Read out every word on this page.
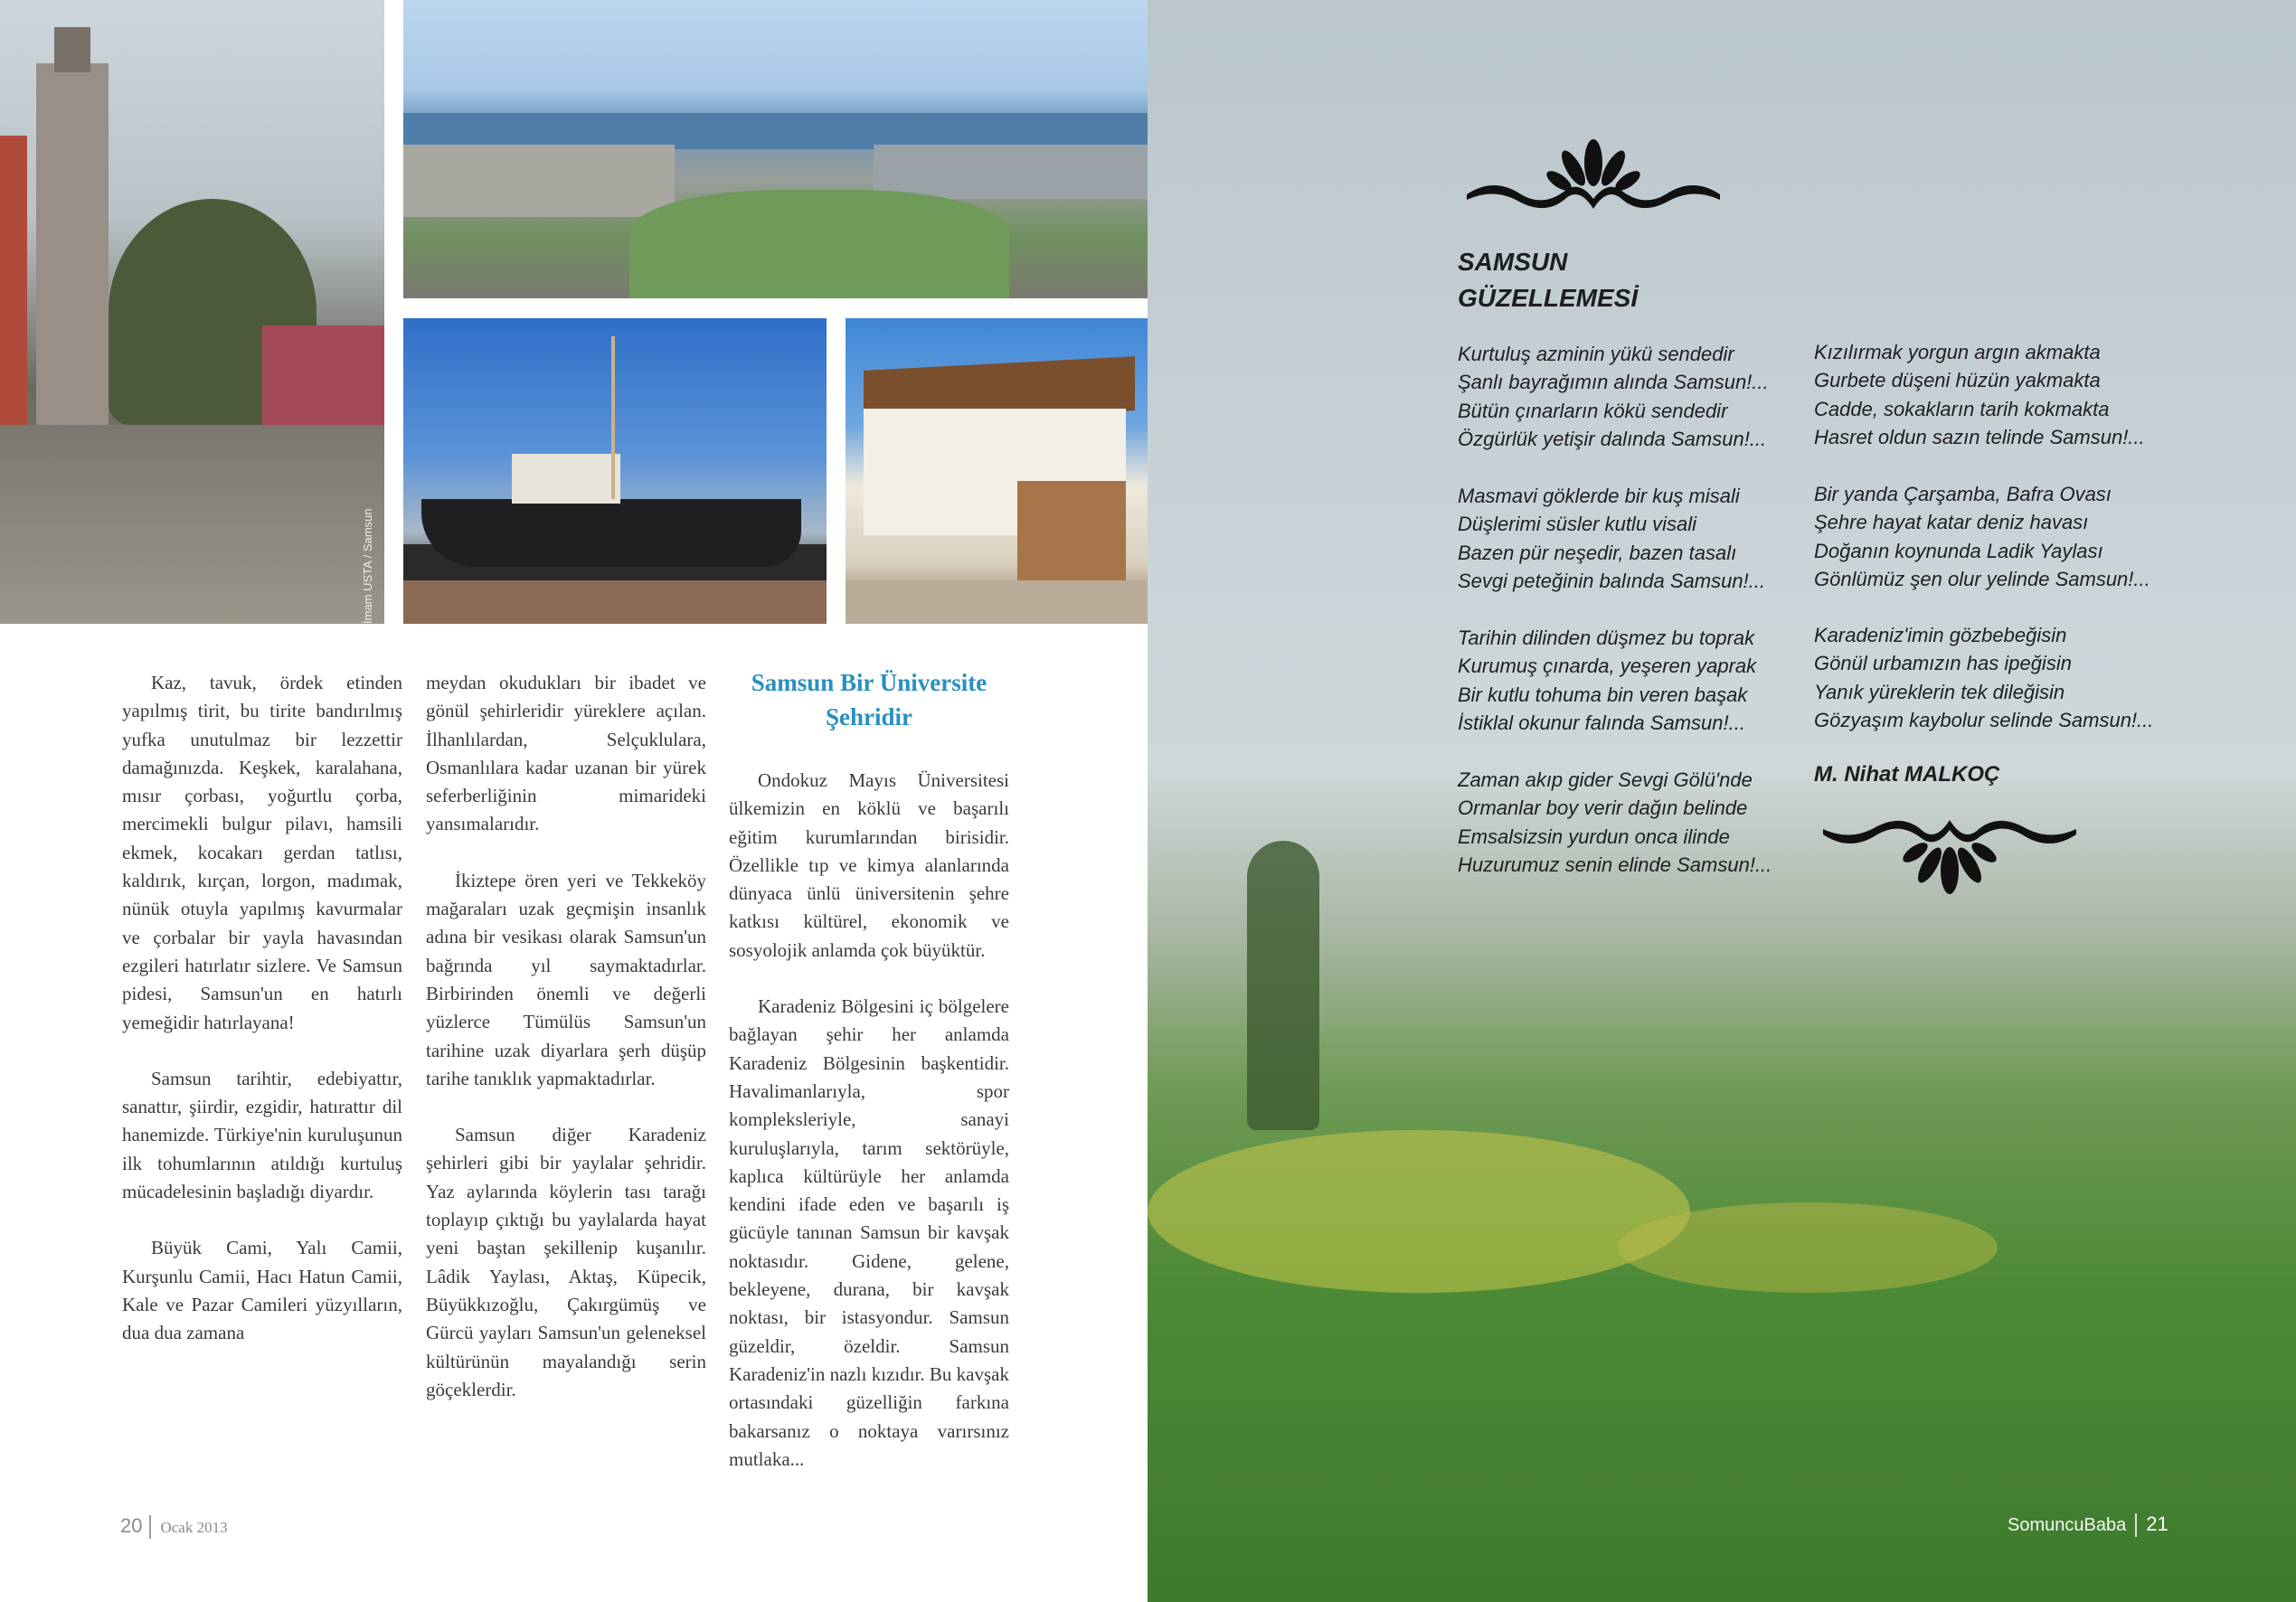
İmam USTA / Samsun

Kaz, tavuk, ördek etinden yapılmış tirit, bu tirite bandırılmış yufka unutulmaz bir lezzettir damağınızda. Keşkek, karalahana, mısır çorbası, yoğurtlu çorba, mercimekli bulgur pilavı, hamsili ekmek, kocakarı gerdan tatlısı, kaldırık, kırçan, lorgon, madımak, nünük otuyla yapılmış kavurmalar ve çorbalar bir yayla havasından ezgileri hatırlatır sizlere. Ve Samsun pidesi, Samsun'un en hatırlı yemeğidir hatırlayana!

Samsun tarihtir, edebiyattır, sanattır, şiirdir, ezgidir, hatırattır dil hanemizde. Türkiye'nin kuruluşunun ilk tohumlarının atıldığı kurtuluş mücadelesinin başladığı diyardır.

Büyük Cami, Yalı Camii, Kurşunlu Camii, Hacı Hatun Camii, Kale ve Pazar Camileri yüzyılların, dua dua zamana

meydan okudukları bir ibadet ve gönül şehirleridir yüreklere açılan. İlhanlılardan, Selçuklulara, Osmanlılara kadar uzanan bir yürek seferberliğinin mimarideki yansımalarıdır.

İkiztepe ören yeri ve Tekkeköy mağaraları uzak geçmişin insanlık adına bir vesikası olarak Samsun'un bağrında yıl saymaktadırlar. Birbirinden önemli ve değerli yüzlerce Tümülüs Samsun'un tarihine uzak diyarlara şerh düşüp tarihe tanıklık yapmaktadırlar.

Samsun diğer Karadeniz şehirleri gibi bir yaylalar şehridir. Yaz aylarında köylerin tası tarağı toplayıp çıktığı bu yaylalarda hayat yeni baştan şekillenip kuşanılır. Lâdik Yaylası, Aktaş, Küpecik, Büyükkızoğlu, Çakırgümüş ve Gürcü yayları Samsun'un geleneksel kültürünün mayalandığı serin göçeklerdir.

Samsun Bir Üniversite Şehridir

Ondokuz Mayıs Üniversitesi ülkemizin en köklü ve başarılı eğitim kurumlarından birisidir. Özellikle tıp ve kimya alanlarında dünyaca ünlü üniversitenin şehre katkısı kültürel, ekonomik ve sosyolojik anlamda çok büyüktür.

Karadeniz Bölgesini iç bölgelere bağlayan şehir her anlamda Karadeniz Bölgesinin başkentidir. Havalimanlarıyla, spor kompleksleriyle, sanayi kuruluşlarıyla, tarım sektörüyle, kaplıca kültürüyle her anlamda kendini ifade eden ve başarılı iş gücüyle tanınan Samsun bir kavşak noktasıdır. Gidene, gelene, bekleyene, durana, bir kavşak noktası, bir istasyondur. Samsun güzeldir, özeldir. Samsun Karadeniz'in nazlı kızıdır. Bu kavşak ortasındaki güzelliğin farkına bakarsanız o noktaya varırsınız mutlaka...

20 Ocak 2013
SAMSUN
GÜZELLEMESİ
Kurtuluş azminin yükü sendedir
Şanlı bayrağımın alında Samsun!...
Bütün çınarların kökü sendedir
Özgürlük yetişir dalında Samsun!...
Masmavi göklerde bir kuş misali
Düşlerimi süsler kutlu visali
Bazen pür neşedir, bazen tasalı
Sevgi peteğinin balında Samsun!...
Tarihin dilinden düşmez bu toprak
Kurumuş çınarda, yeşeren yaprak
Bir kutlu tohuma bin veren başak
İstiklal okunur falında Samsun!...
Zaman akıp gider Sevgi Gölü'nde
Ormanlar boy verir dağın belinde
Emsalsizsin yurdun onca ilinde
Huzurumuz senin elinde Samsun!...
Kızılırmak yorgun argın akmakta
Gurbete düşeni hüzün yakmakta
Cadde, sokakların tarih kokmakta
Hasret oldun sazın telinde Samsun!...
Bir yanda Çarşamba, Bafra Ovası
Şehre hayat katar deniz havası
Doğanın koynunda Ladik Yaylası
Gönlümüz şen olur yelinde Samsun!...
Karadeniz'imin gözbebeğisin
Gönül urbamızın has ipeğisin
Yanık yüreklerin tek dileğisin
Gözyaşım kaybolur selinde Samsun!...
M. Nihat MALKOÇ
SomuncuBaba 21
